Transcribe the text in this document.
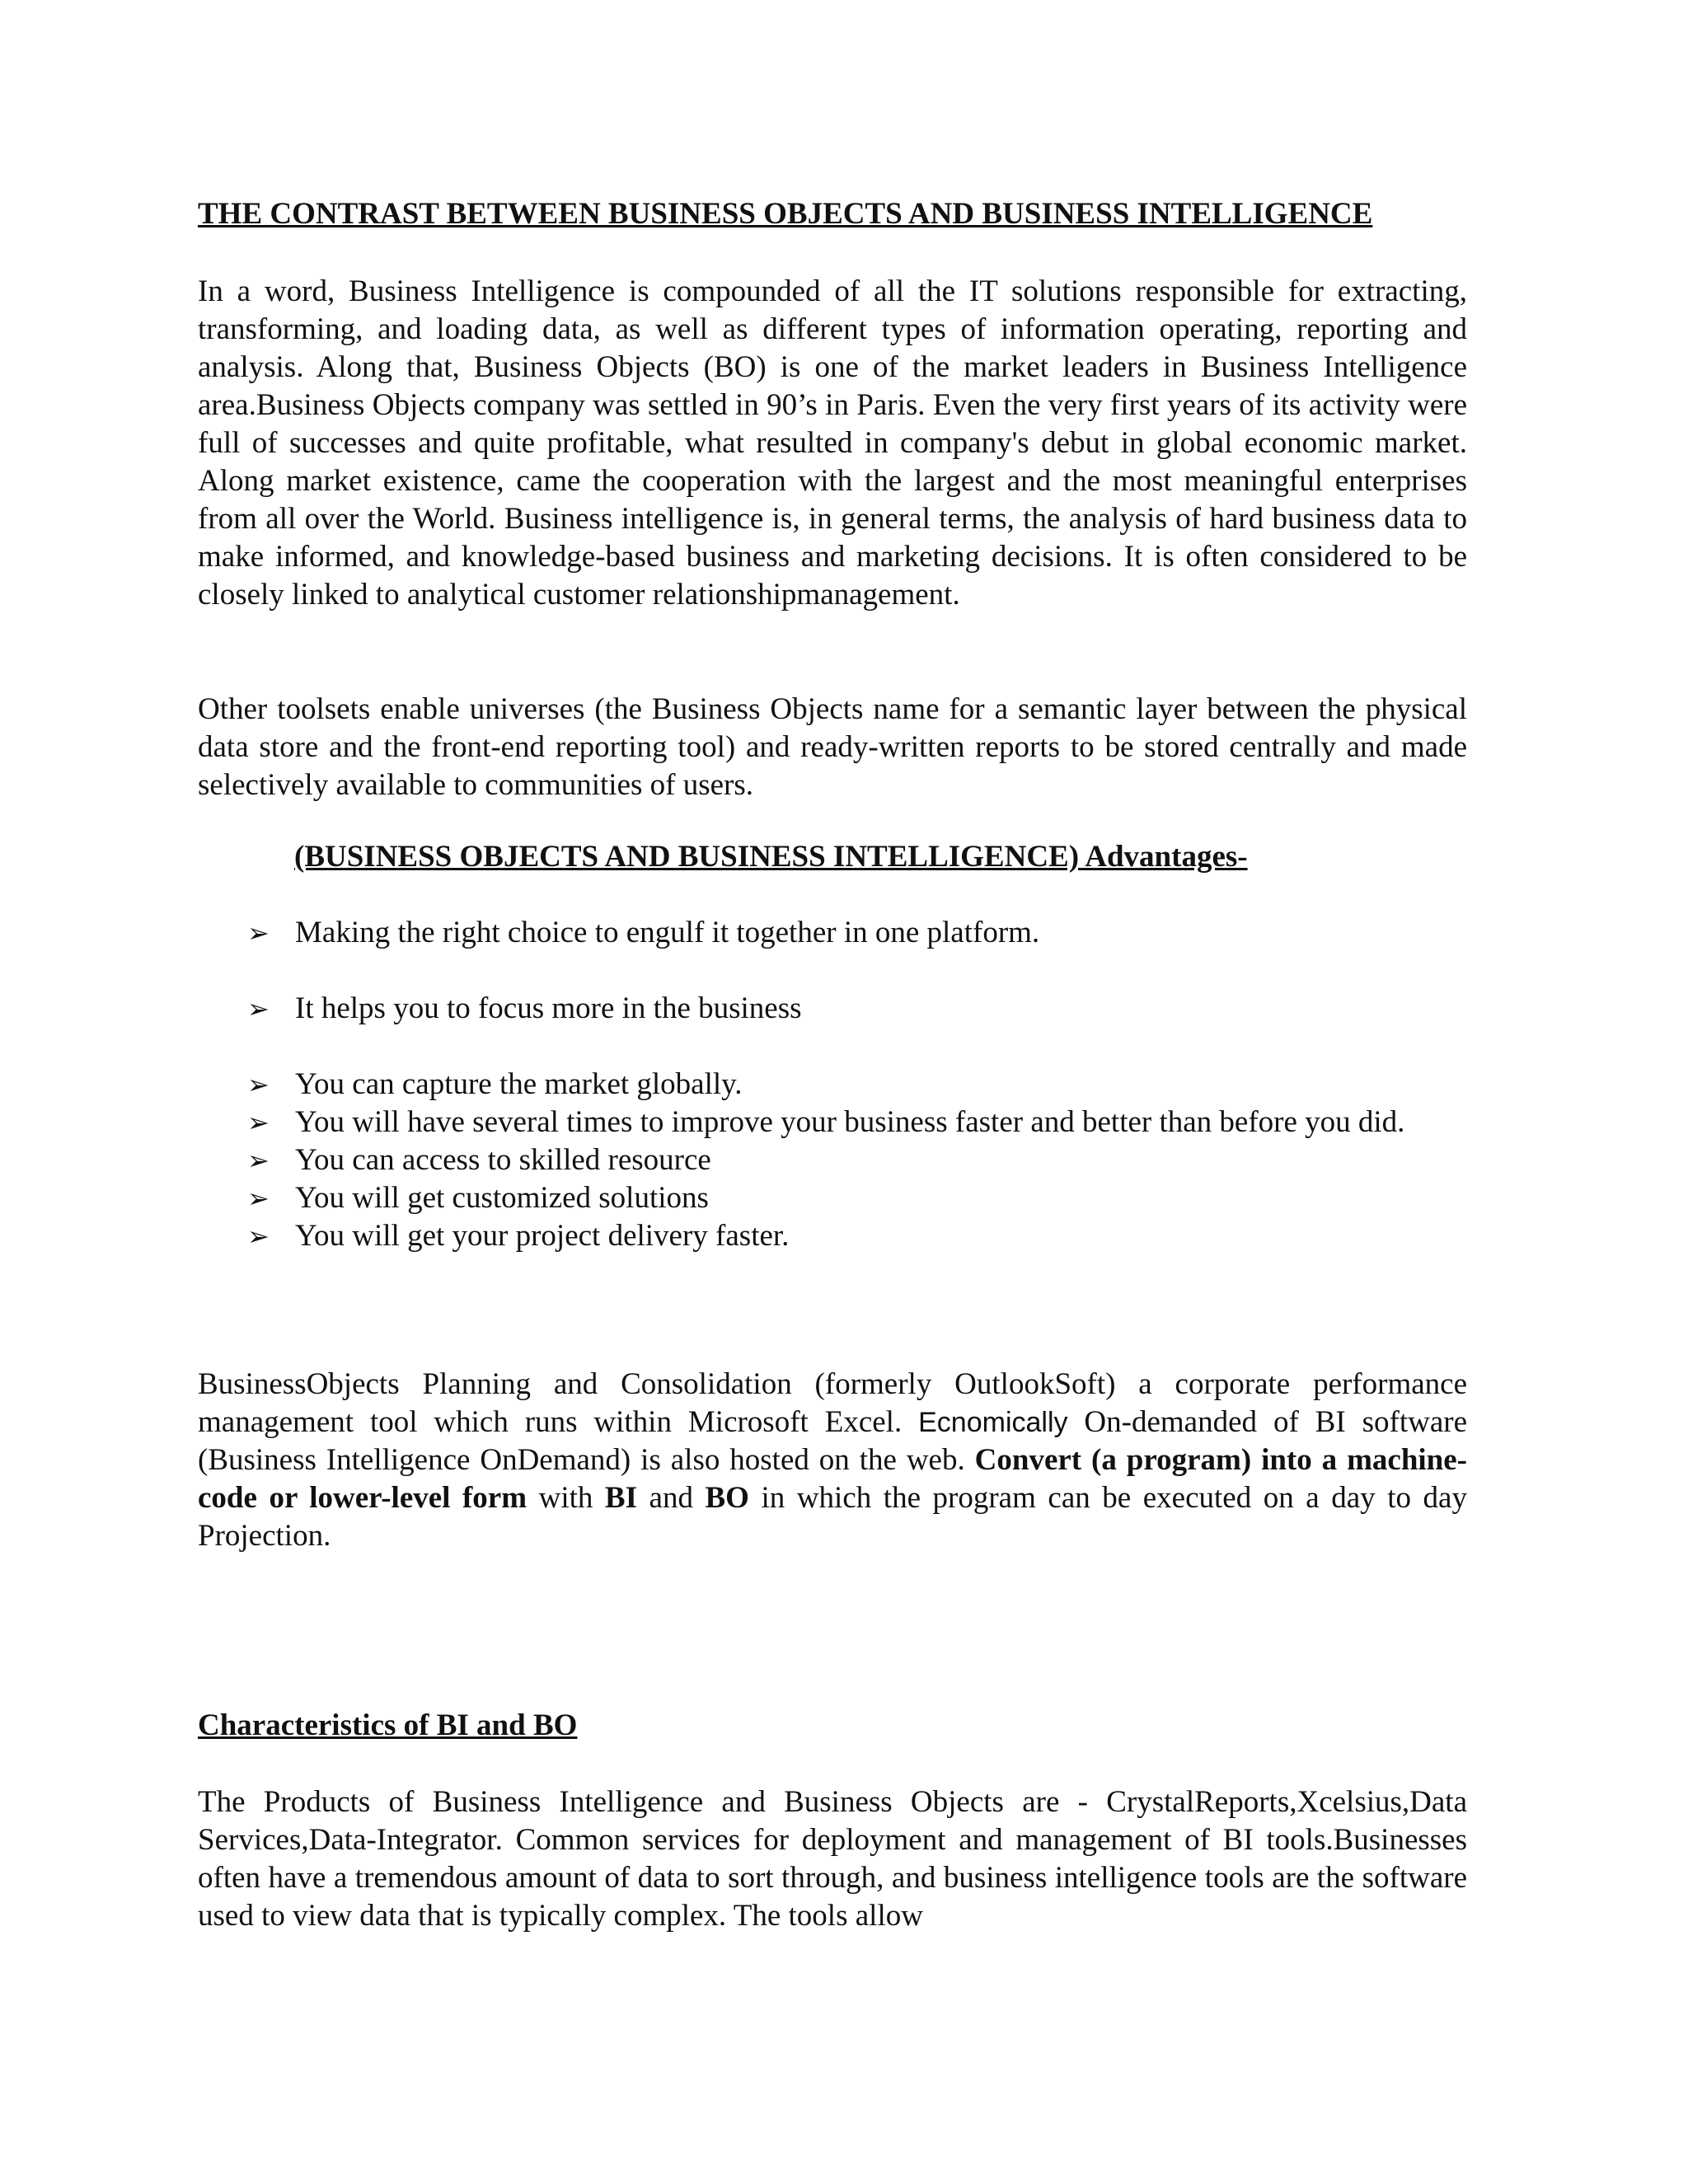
THE CONTRAST BETWEEN BUSINESS OBJECTS AND BUSINESS INTELLIGENCE

In a word, Business Intelligence is compounded of all the IT solutions responsible for extracting, transforming, and loading data, as well as different types of information operating, reporting and analysis. Along that, Business Objects (BO) is one of the market leaders in Business Intelligence area.Business Objects company was settled in 90’s in Paris. Even the very first years of its activity were full of successes and quite profitable, what resulted in company's debut in global economic market. Along market existence, came the cooperation with the largest and the most meaningful enterprises from all over the World. Business intelligence is, in general terms, the analysis of hard business data to make informed, and knowledge-based business and marketing decisions. It is often considered to be closely linked to analytical customer relationshipmanagement.

Other toolsets enable universes (the Business Objects name for a semantic layer between the physical data store and the front-end reporting tool) and ready-written reports to be stored centrally and made selectively available to communities of users.

(BUSINESS OBJECTS AND BUSINESS INTELLIGENCE) Advantages-
➢ Making the right choice to engulf it together in one platform.
➢ It helps you to focus more in the business
➢ You can capture the market globally.
➢ You will have several times to improve your business faster and better than before you did.
➢ You can access to skilled resource
➢ You will get customized solutions
➢ You will get your project delivery faster.

BusinessObjects Planning and Consolidation (formerly OutlookSoft) a corporate performance management tool which runs within Microsoft Excel. Ecnomically On-demanded of BI software (Business Intelligence OnDemand) is also hosted on the web. Convert (a program) into a machine-code or lower-level form with BI and BO in which the program can be executed on a day to day Projection.

Characteristics of BI and BO

The Products of Business Intelligence and Business Objects are - CrystalReports,Xcelsius,Data Services,Data-Integrator. Common services for deployment and management of BI tools.Businesses often have a tremendous amount of data to sort through, and business intelligence tools are the software used to view data that is typically complex. The tools allow
